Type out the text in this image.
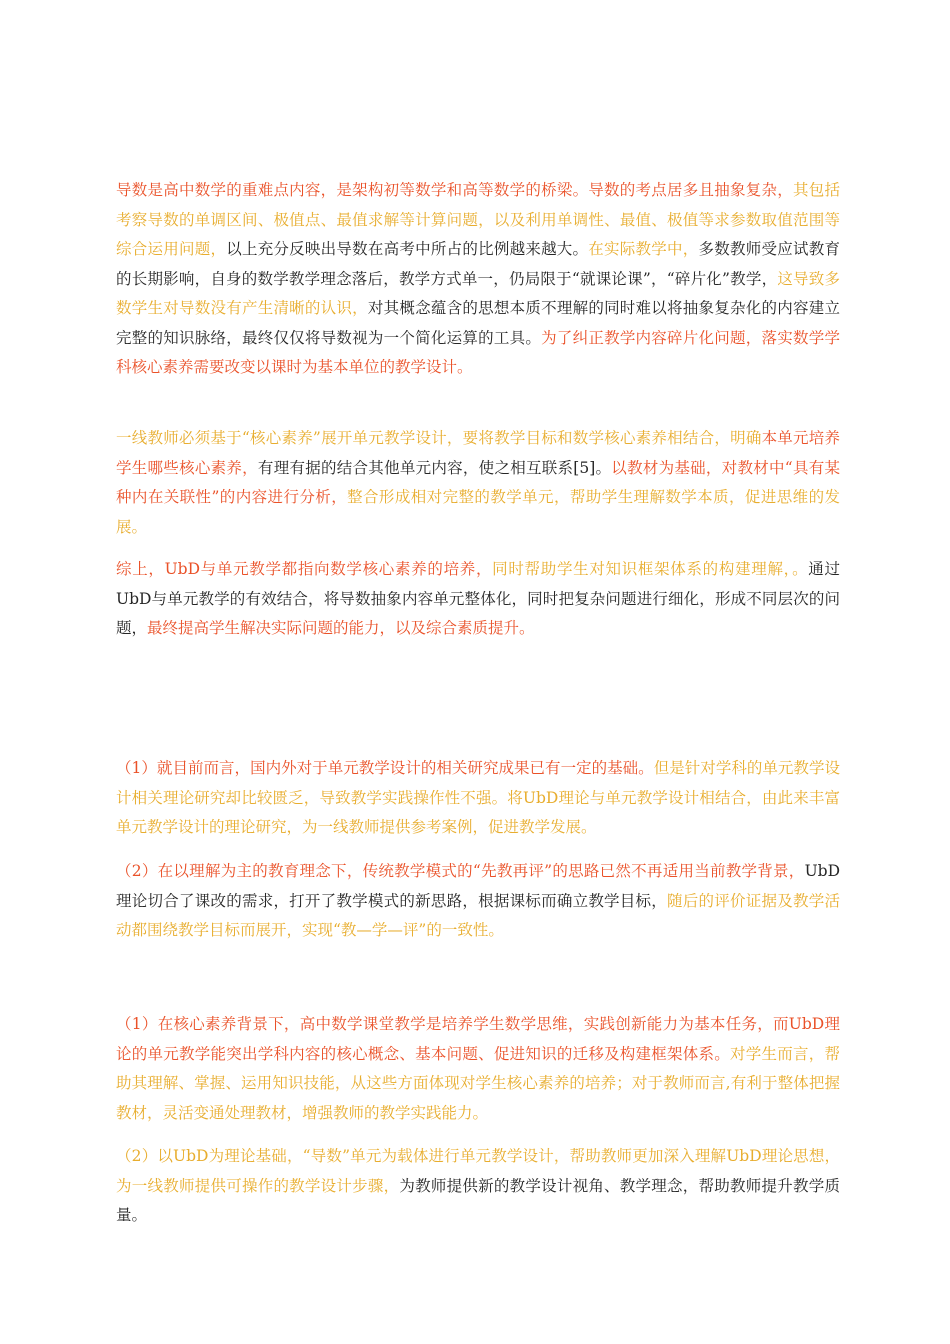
导数是高中数学的重难点内容，是架构初等数学和高等数学的桥梁。导数的考点居多且抽象复杂，其包括考察导数的单调区间、极值点、最值求解等计算问题，以及利用单调性、最值、极值等求参数取值范围等综合运用问题，以上充分反映出导数在高考中所占的比例越来越大。在实际教学中，多数教师受应试教育的长期影响，自身的数学教学理念落后，教学方式单一，仍局限于“就课论课”，“碎片化”教学，这导致多数学生对导数没有产生清晰的认识，对其概念蕴含的思想本质不理解的同时难以将抽象复杂化的内容建立完整的知识脉络，最终仅仅将导数视为一个简化运算的工具。为了纠正教学内容碎片化问题，落实数学学科核心素养需要改变以课时为基本单位的教学设计。

一线教师必须基于“核心素养”展开单元教学设计，要将教学目标和数学核心素养相结合，明确本单元培养学生哪些核心素养，有理有据的结合其他单元内容，使之相互联系[5]。以教材为基础，对教材中“具有某种内在关联性”的内容进行分析，整合形成相对完整的教学单元，帮助学生理解数学本质，促进思维的发展。

综上，UbD与单元教学都指向数学核心素养的培养，同时帮助学生对知识框架体系的构建理解，。通过UbD与单元教学的有效结合，将导数抽象内容单元整体化，同时把复杂问题进行细化，形成不同层次的问题，最终提高学生解决实际问题的能力，以及综合素质提升。

（1）就目前而言，国内外对于单元教学设计的相关研究成果已有一定的基础。但是针对学科的单元教学设计相关理论研究却比较匮乏，导致教学实践操作性不强。将UbD理论与单元教学设计相结合，由此来丰富单元教学设计的理论研究，为一线教师提供参考案例，促进教学发展。

（2）在以理解为主的教育理念下，传统教学模式的“先教再评”的思路已然不再适用当前教学背景，UbD理论切合了课改的需求，打开了教学模式的新思路，根据课标而确立教学目标，随后的评价证据及教学活动都围绕教学目标而展开，实现“教—学—评”的一致性。

（1）在核心素养背景下，高中数学课堂教学是培养学生数学思维，实践创新能力为基本任务，而UbD理论的单元教学能突出学科内容的核心概念、基本问题、促进知识的迁移及构建框架体系。对学生而言，帮助其理解、掌握、运用知识技能，从这些方面体现对学生核心素养的培养；对于教师而言,有利于整体把握教材，灵活变通处理教材，增强教师的教学实践能力。

（2）以UbD为理论基础，“导数”单元为载体进行单元教学设计，帮助教师更加深入理解UbD理论思想，为一线教师提供可操作的教学设计步骤，为教师提供新的教学设计视角、教学理念，帮助教师提升教学质量。
